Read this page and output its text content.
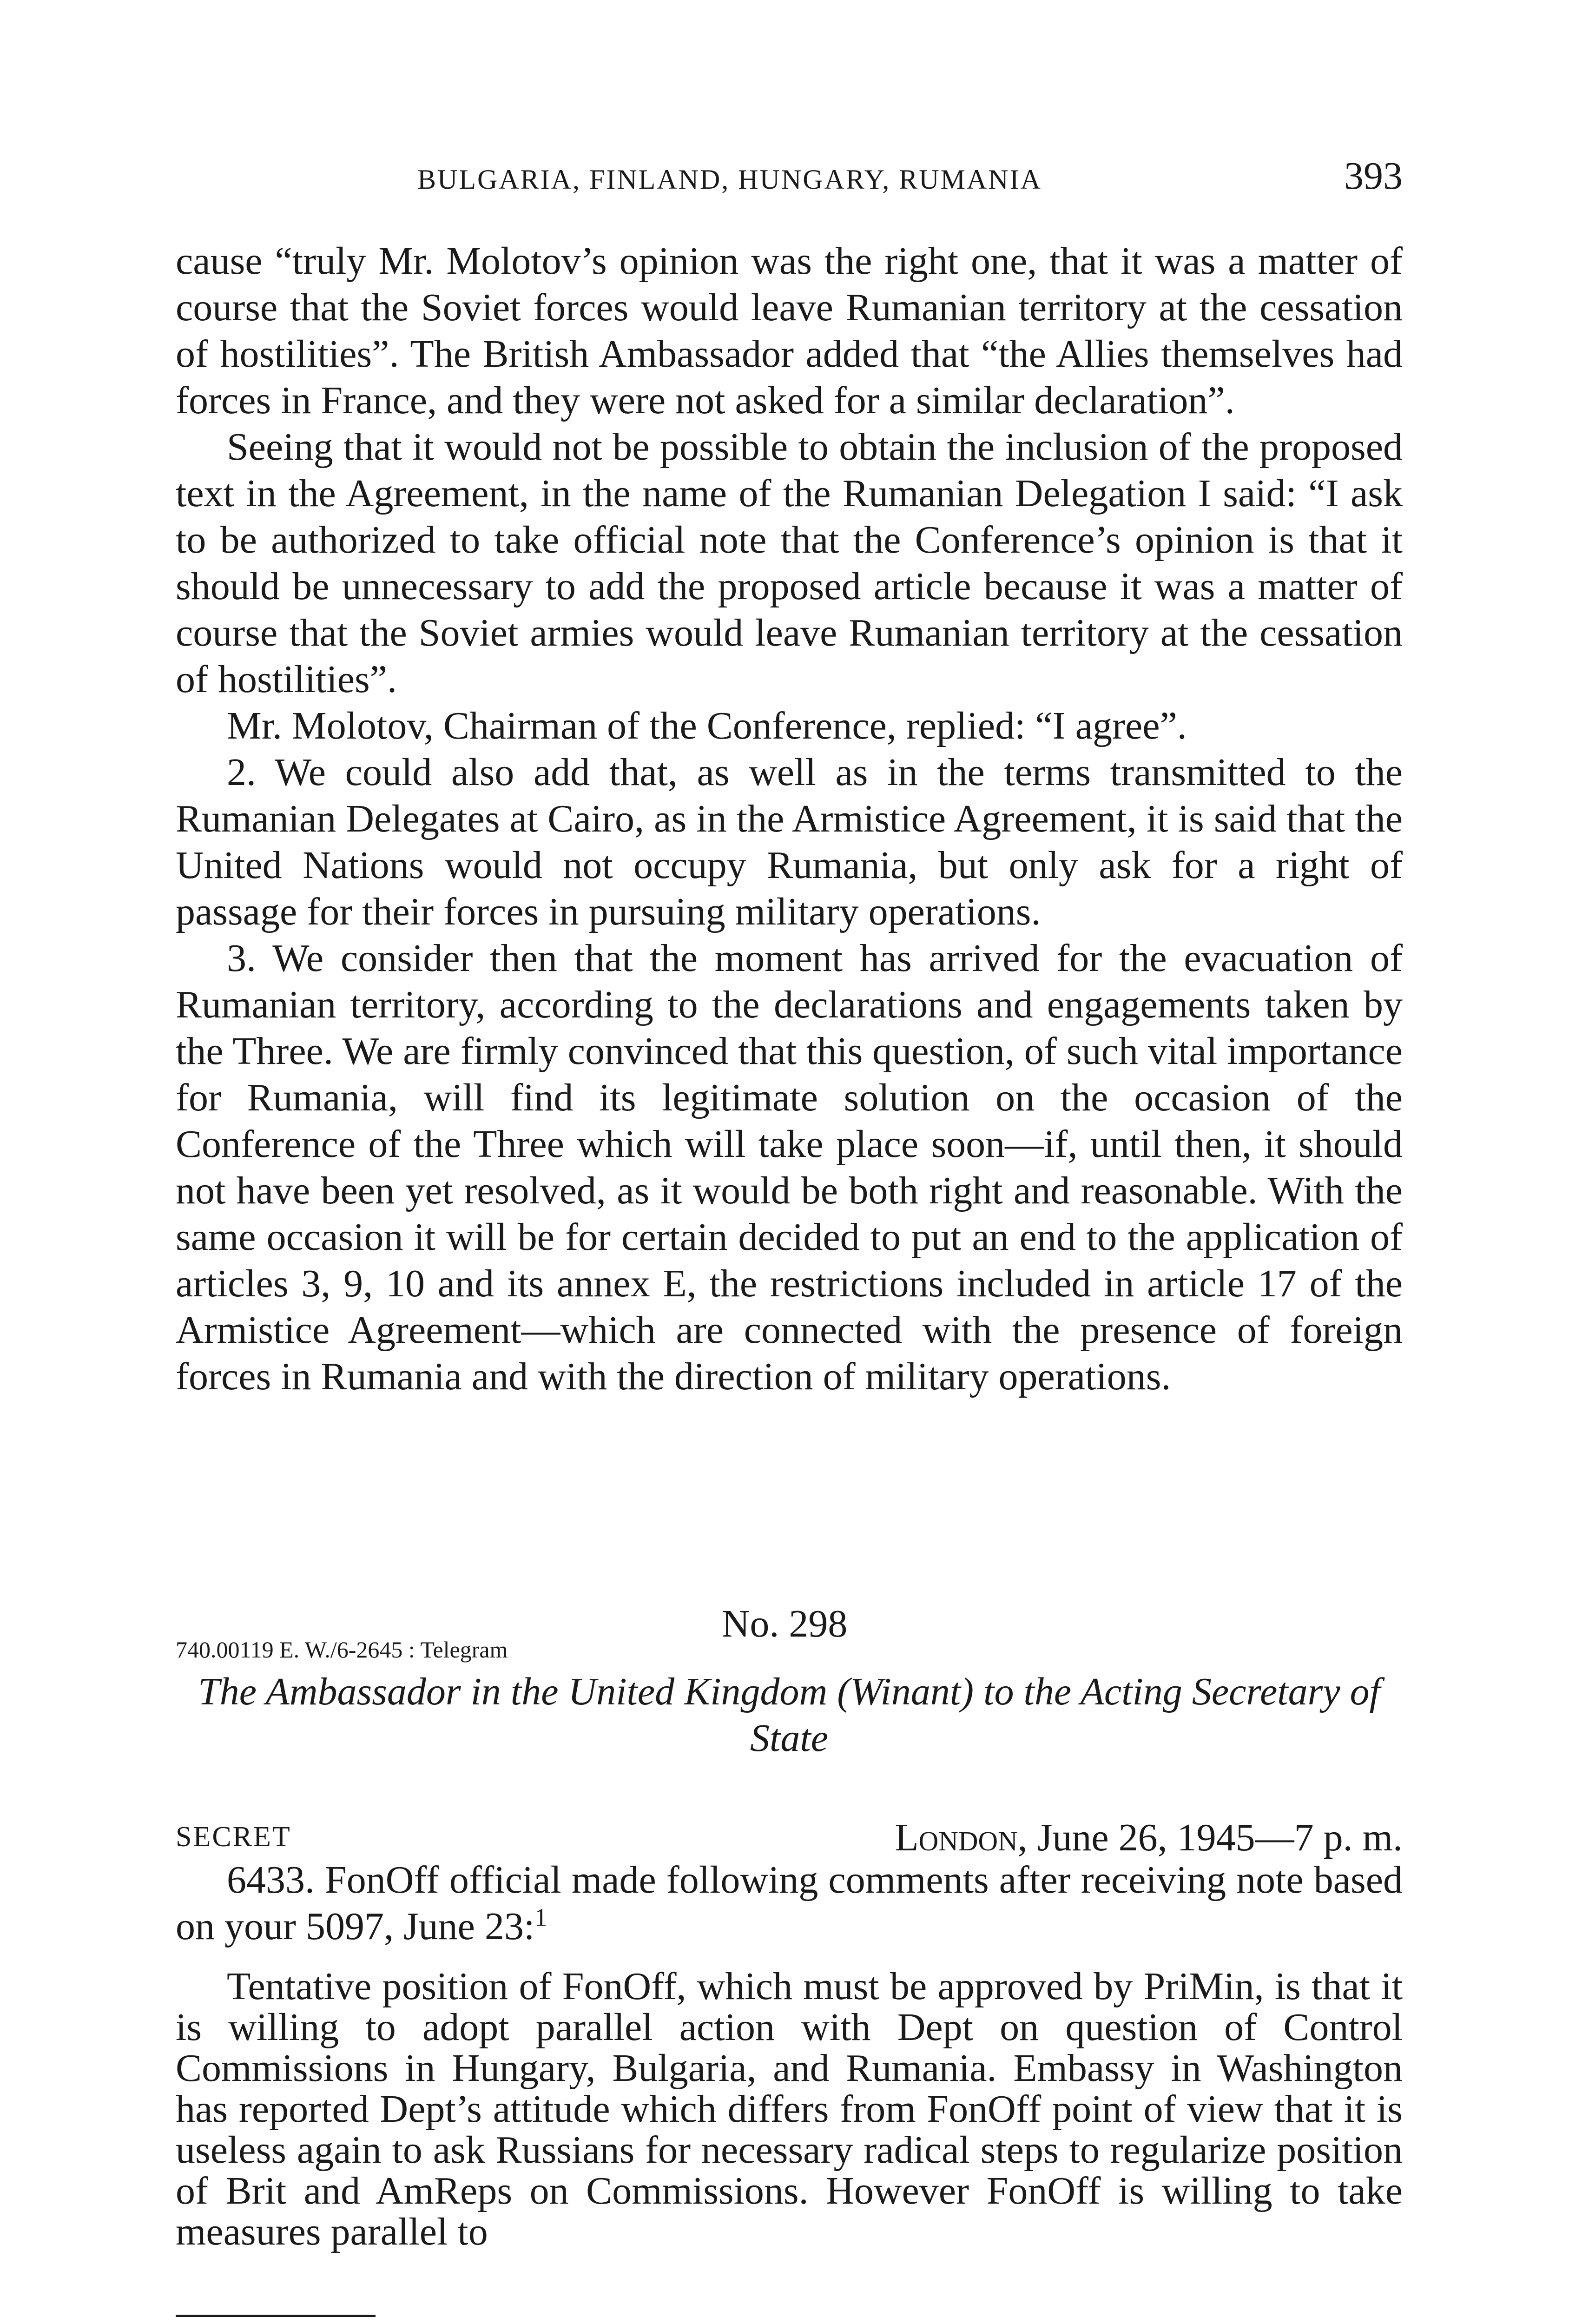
BULGARIA, FINLAND, HUNGARY, RUMANIA	393

cause “truly Mr. Molotov’s opinion was the right one, that it was a matter of course that the Soviet forces would leave Rumanian territory at the cessation of hostilities”. The British Ambassador added that “the Allies themselves had forces in France, and they were not asked for a similar declaration”.

Seeing that it would not be possible to obtain the inclusion of the proposed text in the Agreement, in the name of the Rumanian Delegation I said: “I ask to be authorized to take official note that the Conference’s opinion is that it should be unnecessary to add the proposed article because it was a matter of course that the Soviet armies would leave Rumanian territory at the cessation of hostilities”.

Mr. Molotov, Chairman of the Conference, replied: “I agree”.

2. We could also add that, as well as in the terms transmitted to the Rumanian Delegates at Cairo, as in the Armistice Agreement, it is said that the United Nations would not occupy Rumania, but only ask for a right of passage for their forces in pursuing military operations.

3. We consider then that the moment has arrived for the evacuation of Rumanian territory, according to the declarations and engagements taken by the Three. We are firmly convinced that this question, of such vital importance for Rumania, will find its legitimate solution on the occasion of the Conference of the Three which will take place soon—if, until then, it should not have been yet resolved, as it would be both right and reasonable. With the same occasion it will be for certain decided to put an end to the application of articles 3, 9, 10 and its annex E, the restrictions included in article 17 of the Armistice Agreement—which are connected with the presence of foreign forces in Rumania and with the direction of military operations.

No. 298
740.00119 E. W./6-2645 : Telegram
The Ambassador in the United Kingdom (Winant) to the Acting Secretary of State
SECRET	London, June 26, 1945—7 p. m.

6433. FonOff official made following comments after receiving note based on your 5097, June 23:$^1$

Tentative position of FonOff, which must be approved by PriMin, is that it is willing to adopt parallel action with Dept on question of Control Commissions in Hungary, Bulgaria, and Rumania. Embassy in Washington has reported Dept’s attitude which differs from FonOff point of view that it is useless again to ask Russians for necessary radical steps to regularize position of Brit and AmReps on Commissions. However FonOff is willing to take measures parallel to
